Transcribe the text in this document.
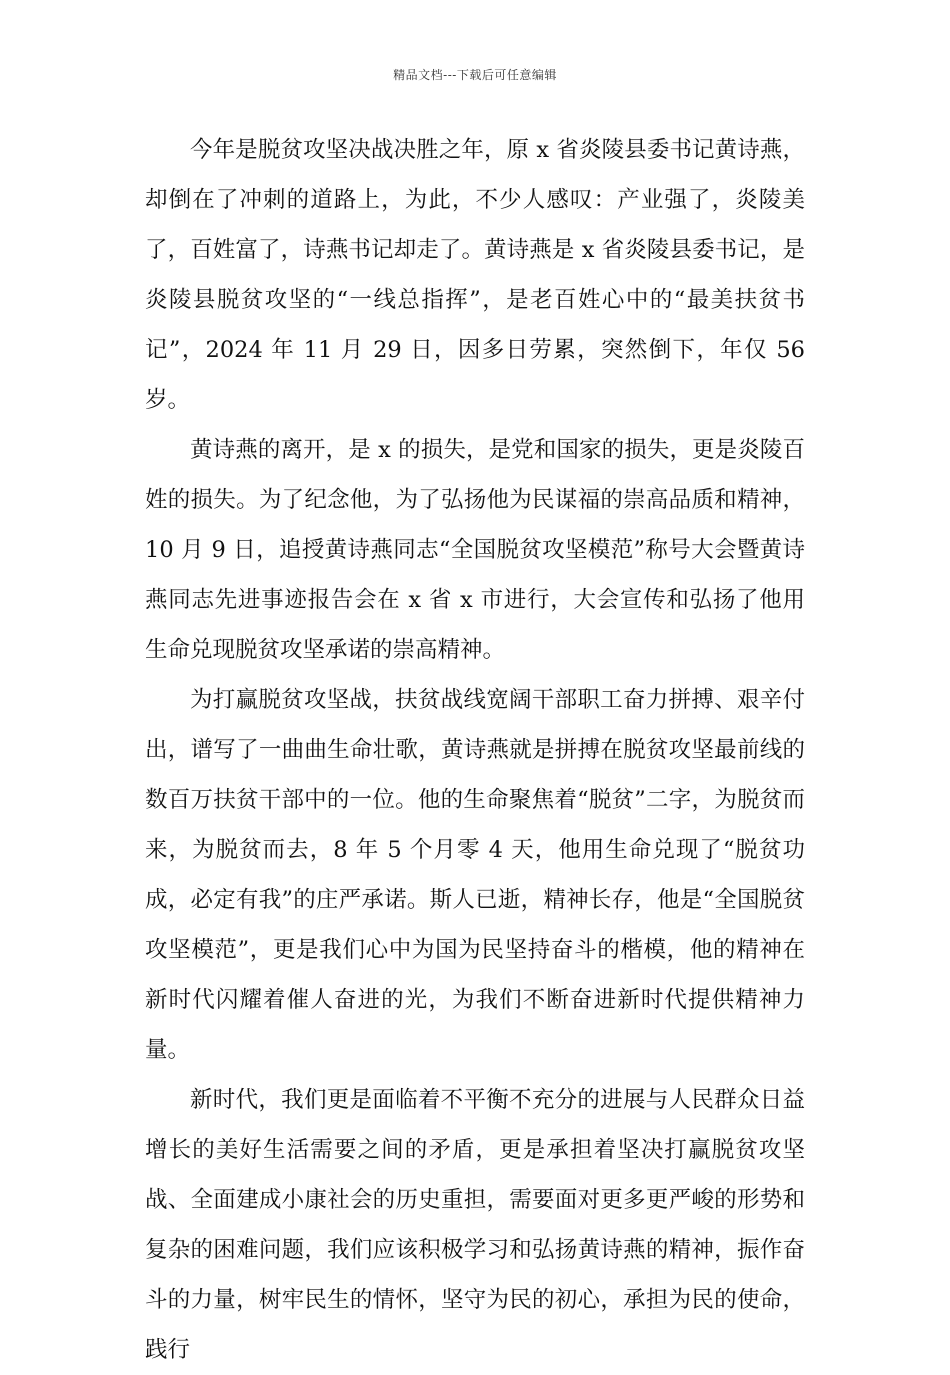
精品文档---下载后可任意编辑

今年是脱贫攻坚决战决胜之年，原 x 省炎陵县委书记黄诗燕，却倒在了冲刺的道路上，为此，不少人感叹：产业强了，炎陵美了，百姓富了，诗燕书记却走了。黄诗燕是 x 省炎陵县委书记，是炎陵县脱贫攻坚的“一线总指挥”，是老百姓心中的“最美扶贫书记”，2024 年 11 月 29 日，因多日劳累，突然倒下，年仅 56 岁。

黄诗燕的离开，是 x 的损失，是党和国家的损失，更是炎陵百姓的损失。为了纪念他，为了弘扬他为民谋福的崇高品质和精神，10 月 9 日，追授黄诗燕同志“全国脱贫攻坚模范”称号大会暨黄诗燕同志先进事迹报告会在 x 省 x 市进行，大会宣传和弘扬了他用生命兑现脱贫攻坚承诺的崇高精神。

为打赢脱贫攻坚战，扶贫战线宽阔干部职工奋力拼搏、艰辛付出，谱写了一曲曲生命壮歌，黄诗燕就是拼搏在脱贫攻坚最前线的数百万扶贫干部中的一位。他的生命聚焦着“脱贫”二字，为脱贫而来，为脱贫而去，8 年 5 个月零 4 天，他用生命兑现了“脱贫功成，必定有我”的庄严承诺。斯人已逝，精神长存，他是“全国脱贫攻坚模范”，更是我们心中为国为民坚持奋斗的楷模，他的精神在新时代闪耀着催人奋进的光，为我们不断奋进新时代提供精神力量。

新时代，我们更是面临着不平衡不充分的进展与人民群众日益增长的美好生活需要之间的矛盾，更是承担着坚决打赢脱贫攻坚战、全面建成小康社会的历史重担，需要面对更多更严峻的形势和复杂的困难问题，我们应该积极学习和弘扬黄诗燕的精神，振作奋斗的力量，树牢民生的情怀，坚守为民的初心，承担为民的使命，践行
